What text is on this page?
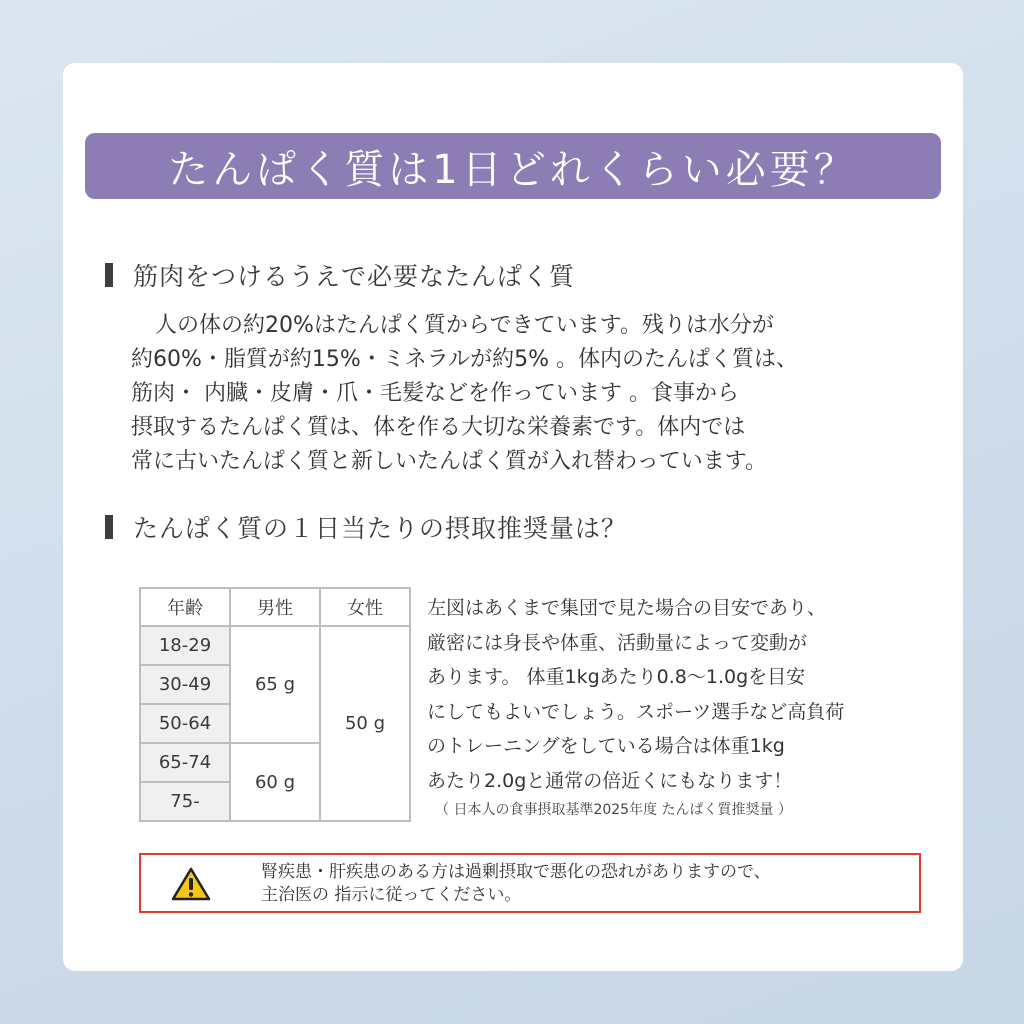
たんぱく質は1日どれくらい必要？
筋肉をつけるうえで必要なたんぱく質
人の体の約20%はたんぱく質からできています。残りは水分が
約60%・脂質が約15%・ミネラルが約5% 。体内のたんぱく質は、
筋肉・ 内臓・皮膚・爪・毛髪などを作っています 。食事から
摂取するたんぱく質は、体を作る大切な栄養素です。体内では
常に古いたんぱく質と新しいたんぱく質が入れ替わっています。
たんぱく質の１日当たりの摂取推奨量は？
年齢	男性	女性
18-29	65 g	50 g
30-49		
50-64		
65-74	60 g	
75-		
左図はあくまで集団で見た場合の目安であり、
厳密には身長や体重、活動量によって変動が
あります。 体重1kgあたり0.8〜1.0gを目安
にしてもよいでしょう。スポーツ選手など高負荷
のトレーニングをしている場合は体重1kg
あたり2.0gと通常の倍近くにもなります！
（ 日本人の食事摂取基準2025年度 たんぱく質推奨量 ）
腎疾患・肝疾患のある方は過剰摂取で悪化の恐れがありますので、
主治医の 指示に従ってください。
